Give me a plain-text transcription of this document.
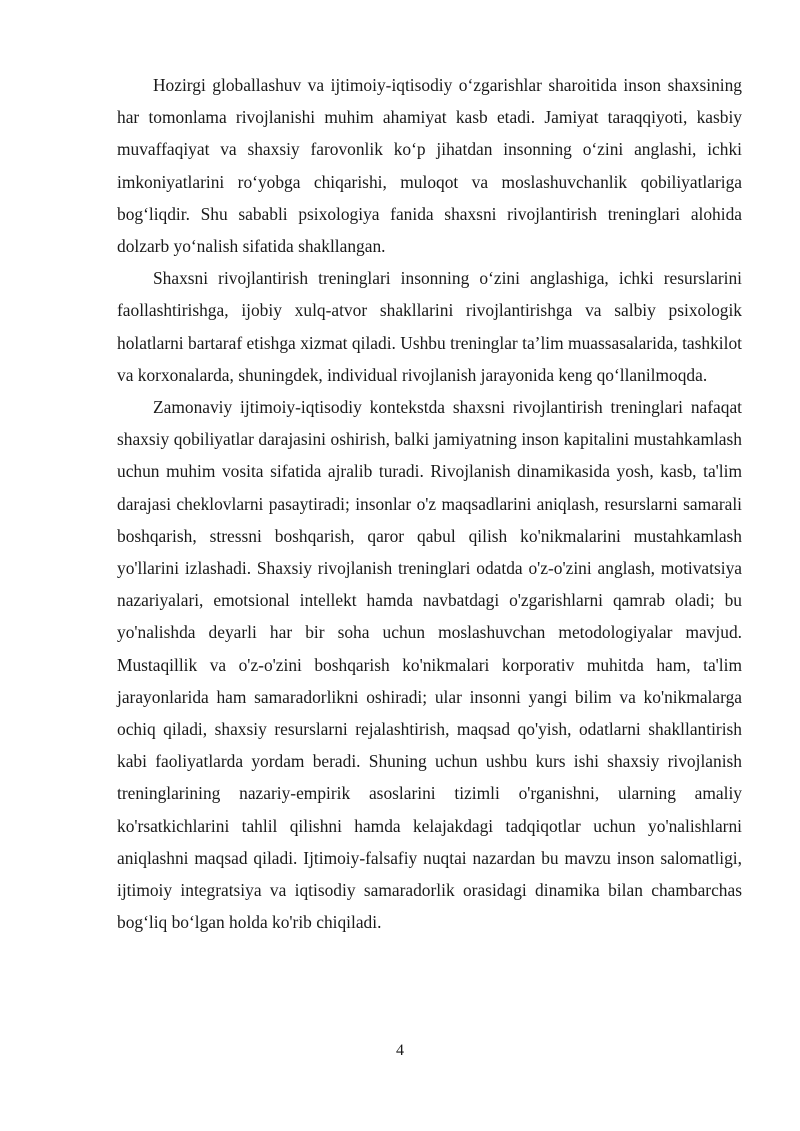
Hozirgi globallashuv va ijtimoiy-iqtisodiy o‘zgarishlar sharoitida inson shaxsining har tomonlama rivojlanishi muhim ahamiyat kasb etadi. Jamiyat taraqqiyoti, kasbiy muvaffaqiyat va shaxsiy farovonlik ko‘p jihatdan insonning o‘zini anglashi, ichki imkoniyatlarini ro‘yobga chiqarishi, muloqot va moslashuvchanlik qobiliyatlariga bog‘liqdir. Shu sababli psixologiya fanida shaxsni rivojlantirish treninglari alohida dolzarb yo‘nalish sifatida shakllangan.

Shaxsni rivojlantirish treninglari insonning o‘zini anglashiga, ichki resurslarini faollashtirishga, ijobiy xulq-atvor shakllarini rivojlantirishga va salbiy psixologik holatlarni bartaraf etishga xizmat qiladi. Ushbu treninglar ta’lim muassasalarida, tashkilot va korxonalarda, shuningdek, individual rivojlanish jarayonida keng qo‘llanilmoqda.

Zamonaviy ijtimoiy-iqtisodiy kontekstda shaxsni rivojlantirish treninglari nafaqat shaxsiy qobiliyatlar darajasini oshirish, balki jamiyatning inson kapitalini mustahkamlash uchun muhim vosita sifatida ajralib turadi. Rivojlanish dinamikasida yosh, kasb, ta'lim darajasi cheklovlarni pasaytiradi; insonlar o'z maqsadlarini aniqlash, resurslarni samarali boshqarish, stressni boshqarish, qaror qabul qilish ko'nikmalarini mustahkamlash yo'llarini izlashadi. Shaxsiy rivojlanish treninglari odatda o'z-o'zini anglash, motivatsiya nazariyalari, emotsional intellekt hamda navbatdagi o'zgarishlarni qamrab oladi; bu yo'nalishda deyarli har bir soha uchun moslashuvchan metodologiyalar mavjud. Mustaqillik va o'z-o'zini boshqarish ko'nikmalari korporativ muhitda ham, ta'lim jarayonlarida ham samaradorlikni oshiradi; ular insonni yangi bilim va ko'nikmalarga ochiq qiladi, shaxsiy resurslarni rejalashtirish, maqsad qo'yish, odatlarni shakllantirish kabi faoliyatlarda yordam beradi. Shuning uchun ushbu kurs ishi shaxsiy rivojlanish treninglarining nazariy-empirik asoslarini tizimli o'rganishni, ularning amaliy ko'rsatkichlarini tahlil qilishni hamda kelajakdagi tadqiqotlar uchun yo'nalishlarni aniqlashni maqsad qiladi. Ijtimoiy-falsafiy nuqtai nazardan bu mavzu inson salomatligi, ijtimoiy integratsiya va iqtisodiy samaradorlik orasidagi dinamika bilan chambarchas bog‘liq bo‘lgan holda ko'rib chiqiladi.

4
